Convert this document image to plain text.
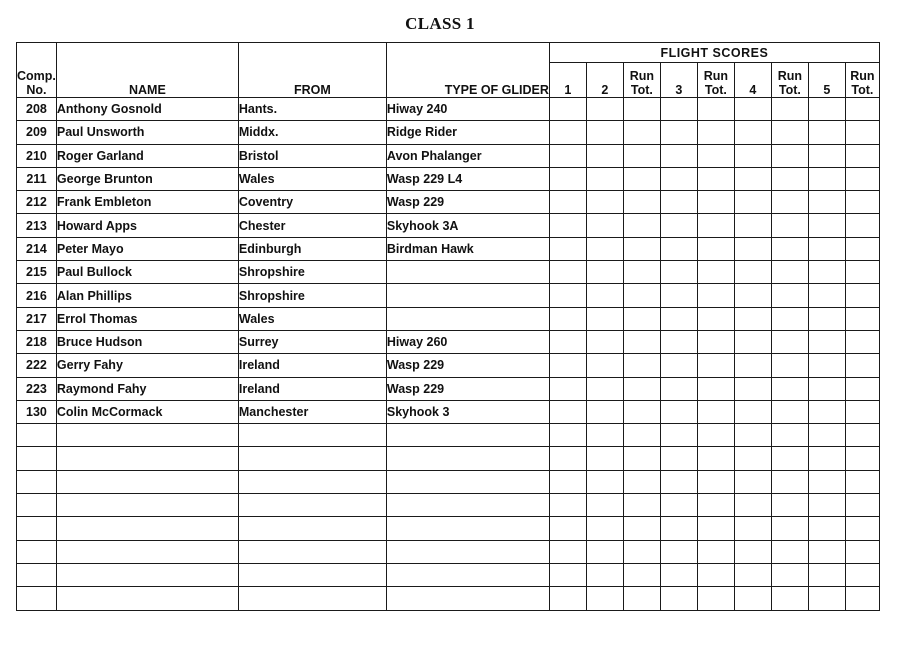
CLASS 1
Comp. No.	NAME	FROM	TYPE OF GLIDER	FLIGHT SCORES								
				1	2	Run Tot.	3	Run Tot.	4	Run Tot.	5	Run Tot.
208	Anthony Gosnold	Hants.	Hiway 240									
209	Paul Unsworth	Middx.	Ridge Rider									
210	Roger Garland	Bristol	Avon Phalanger									
211	George Brunton	Wales	Wasp 229 L4									
212	Frank Embleton	Coventry	Wasp 229									
213	Howard Apps	Chester	Skyhook 3A									
214	Peter Mayo	Edinburgh	Birdman Hawk									
215	Paul Bullock	Shropshire										
216	Alan Phillips	Shropshire										
217	Errol Thomas	Wales										
218	Bruce Hudson	Surrey	Hiway 260									
222	Gerry Fahy	Ireland	Wasp 229									
223	Raymond Fahy	Ireland	Wasp 229									
130	Colin McCormack	Manchester	Skyhook 3									
